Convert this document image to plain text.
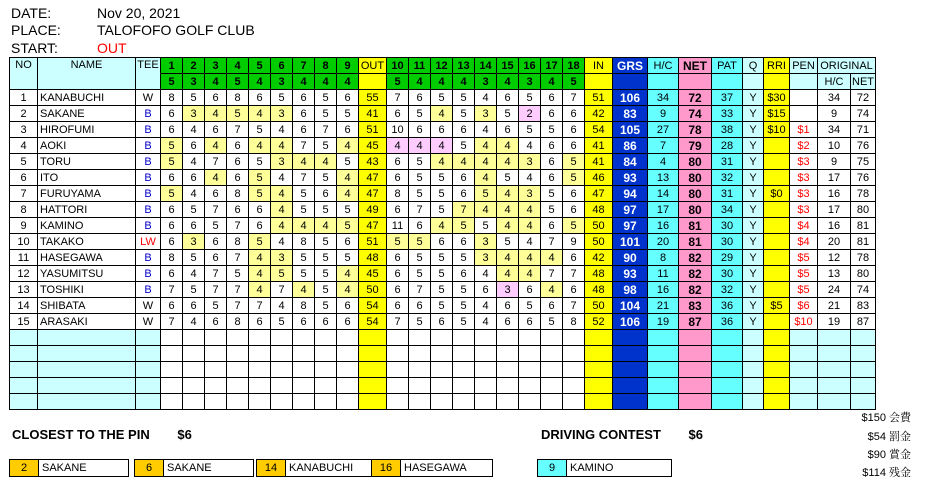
DATE:	Nov 20, 2021
PLACE:	TALOFOFO GOLF CLUB
START:	OUT
NO	NAME	TEE	1	2	3	4	5	6	7	8	9	OUT	10	11	12	13	14	15	16	17	18	IN	GRS	H/C	NET	PAT	Q	RRI	PEN	ORIGINAL	
			5	3	4	5	4	3	4	4	4		5	4	4	4	3	4	3	4	5									H/C	NET
1	KANABUCHI	W	8	5	6	8	6	5	6	5	6	55	7	6	5	5	4	6	5	6	7	51	106	34	72	37	Y	$30		34	72
2	SAKANE	B	6	3	4	5	4	3	6	5	5	41	6	5	4	5	3	5	2	6	6	42	83	9	74	33	Y	$15		9	74
3	HIROFUMI	B	6	4	6	7	5	4	6	7	6	51	10	6	6	6	4	6	5	5	6	54	105	27	78	38	Y	$10	$1	34	71
4	AOKI	B	5	6	4	6	4	4	7	5	4	45	4	4	4	5	4	4	4	6	6	41	86	7	79	28	Y		$2	10	76
5	TORU	B	5	4	7	6	5	3	4	4	5	43	6	5	4	4	4	4	3	6	5	41	84	4	80	31	Y		$3	9	75
6	ITO	B	6	6	4	6	5	4	7	5	4	47	6	5	5	6	4	5	4	6	5	46	93	13	80	32	Y		$3	17	76
7	FURUYAMA	B	5	4	6	8	5	4	5	6	4	47	8	5	5	6	5	4	3	5	6	47	94	14	80	31	Y	$0	$3	16	78
8	HATTORI	B	6	5	7	6	6	4	5	5	5	49	6	7	5	7	4	4	4	5	6	48	97	17	80	34	Y		$3	17	80
9	KAMINO	B	6	6	5	7	6	4	4	4	5	47	11	6	4	5	5	4	4	6	5	50	97	16	81	30	Y		$4	16	81
10	TAKAKO	LW	6	3	6	8	5	4	8	5	6	51	5	5	6	6	3	5	4	7	9	50	101	20	81	30	Y		$4	20	81
11	HASEGAWA	B	8	5	6	7	4	3	5	5	5	48	6	5	5	5	3	4	4	4	6	42	90	8	82	29	Y		$5	12	78
12	YASUMITSU	B	6	4	7	5	4	5	5	5	4	45	6	5	5	6	4	4	4	7	7	48	93	11	82	30	Y		$5	13	80
13	TOSHIKI	B	7	5	7	7	4	7	4	5	4	50	6	7	5	5	6	3	6	4	6	48	98	16	82	32	Y		$5	24	74
14	SHIBATA	W	6	6	5	7	7	4	8	5	6	54	6	6	5	5	4	6	5	6	7	50	104	21	83	36	Y	$5	$6	21	83
15	ARASAKI	W	7	4	6	8	6	5	6	6	6	54	7	5	6	5	4	6	6	5	8	52	106	19	87	36	Y		$10	19	87

CLOSEST TO THE PIN $6	DRIVING CONTEST $6
2	SAKANE	6	SAKANE	14	KANABUCHI	16	HASEGAWA	9	KAMINO
$150 会費
$54 罰金
$90 賞金
$114 残金
